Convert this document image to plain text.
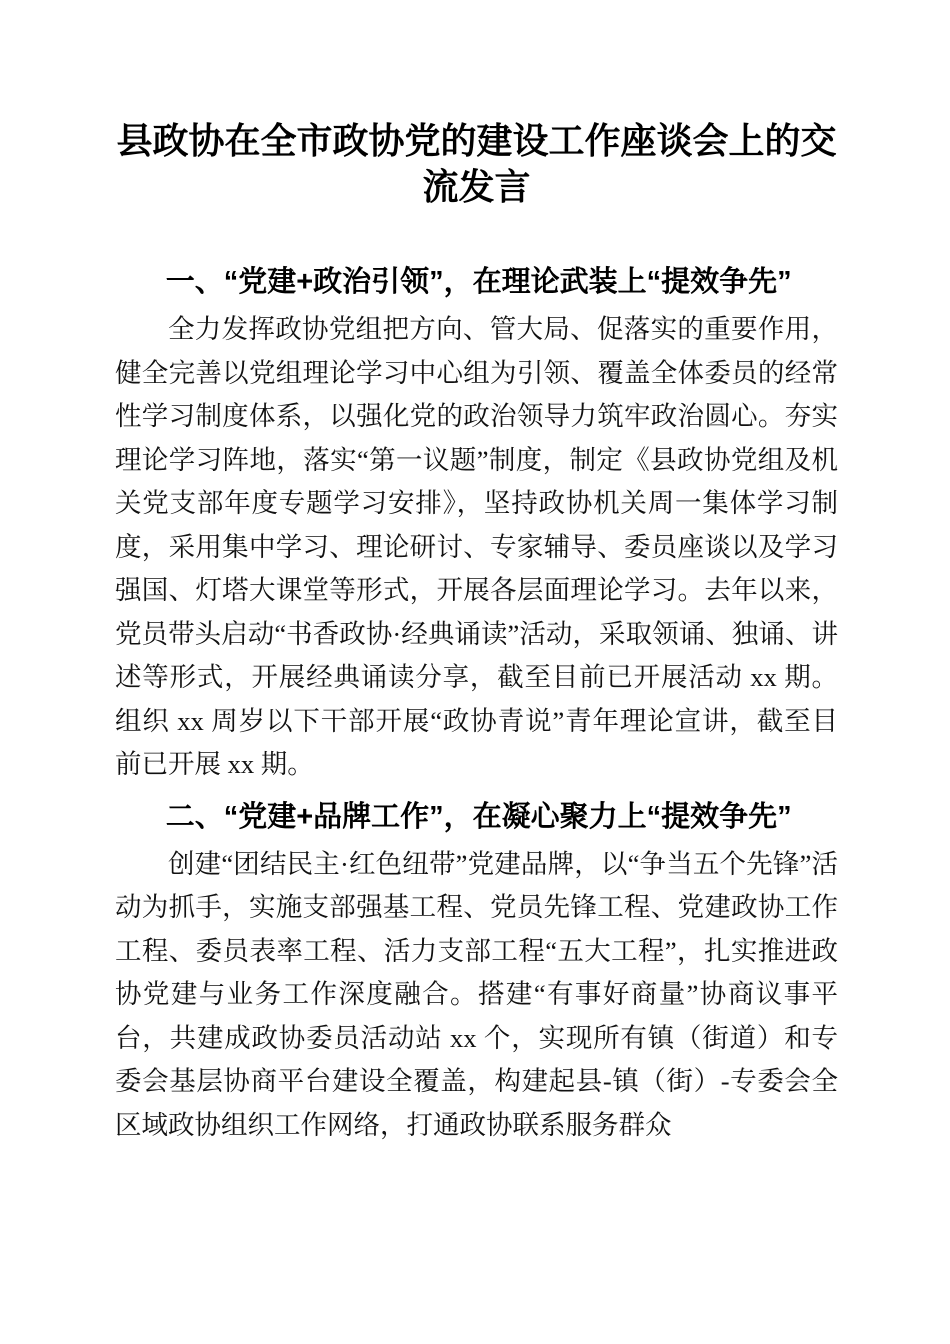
县政协在全市政协党的建设工作座谈会上的交流发言
一、“党建+政治引领”，在理论武装上“提效争先”

全力发挥政协党组把方向、管大局、促落实的重要作用，健全完善以党组理论学习中心组为引领、覆盖全体委员的经常性学习制度体系，以强化党的政治领导力筑牢政治圆心。夯实理论学习阵地，落实“第一议题”制度，制定《县政协党组及机关党支部年度专题学习安排》，坚持政协机关周一集体学习制度，采用集中学习、理论研讨、专家辅导、委员座谈以及学习强国、灯塔大课堂等形式，开展各层面理论学习。去年以来，党员带头启动“书香政协·经典诵读”活动，采取领诵、独诵、讲述等形式，开展经典诵读分享，截至目前已开展活动 xx 期。组织 xx 周岁以下干部开展“政协青说”青年理论宣讲，截至目前已开展 xx 期。

二、“党建+品牌工作”，在凝心聚力上“提效争先”

创建“团结民主·红色纽带”党建品牌，以“争当五个先锋”活动为抓手，实施支部强基工程、党员先锋工程、党建政协工作工程、委员表率工程、活力支部工程“五大工程”，扎实推进政协党建与业务工作深度融合。搭建“有事好商量”协商议事平台，共建成政协委员活动站 xx 个，实现所有镇（街道）和专委会基层协商平台建设全覆盖，构建起县-镇（街）-专委会全区域政协组织工作网络，打通政协联系服务群众
